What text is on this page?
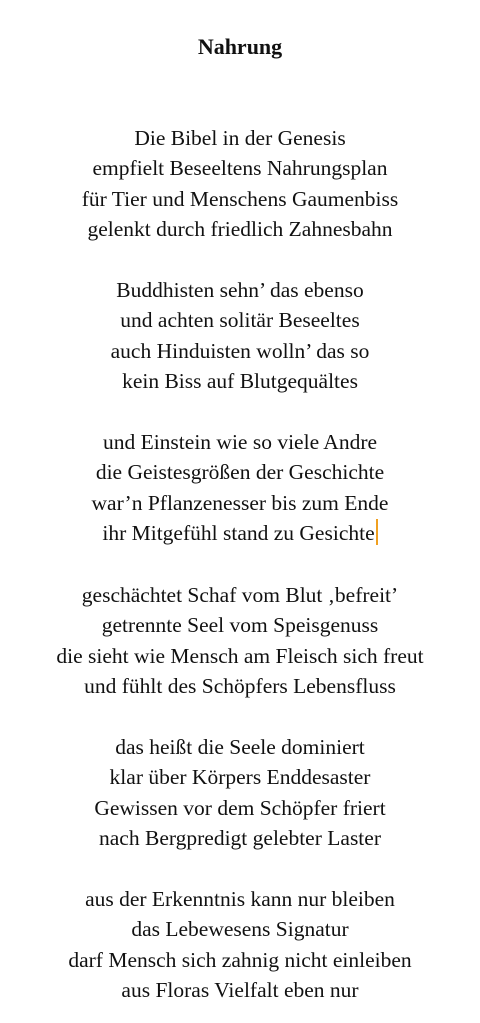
Nahrung
Die Bibel in der Genesis
empfielt Beseeltens Nahrungsplan
für Tier und Menschens Gaumenbiss
gelenkt durch friedlich Zahnesbahn
Buddhisten sehn’ das ebenso
und achten solitär Beseeltes
auch Hinduisten wolln’ das so
kein Biss auf Blutgequältes
und Einstein wie so viele Andre
die Geistesgrößen der Geschichte
war’n Pflanzenesser bis zum Ende
ihr Mitgefühl stand zu Gesichte
geschächtet Schaf vom Blut ‚befreit’
getrennte Seel vom Speisgenuss
die sieht wie Mensch am Fleisch sich freut
und fühlt des Schöpfers Lebensfluss
das heißt die Seele dominiert
klar über Körpers Enddesaster
Gewissen vor dem Schöpfer friert
nach Bergpredigt gelebter Laster
aus der Erkenntnis kann nur bleiben
das Lebewesens Signatur
darf Mensch sich zahnig nicht einleiben
aus Floras Vielfalt eben nur
